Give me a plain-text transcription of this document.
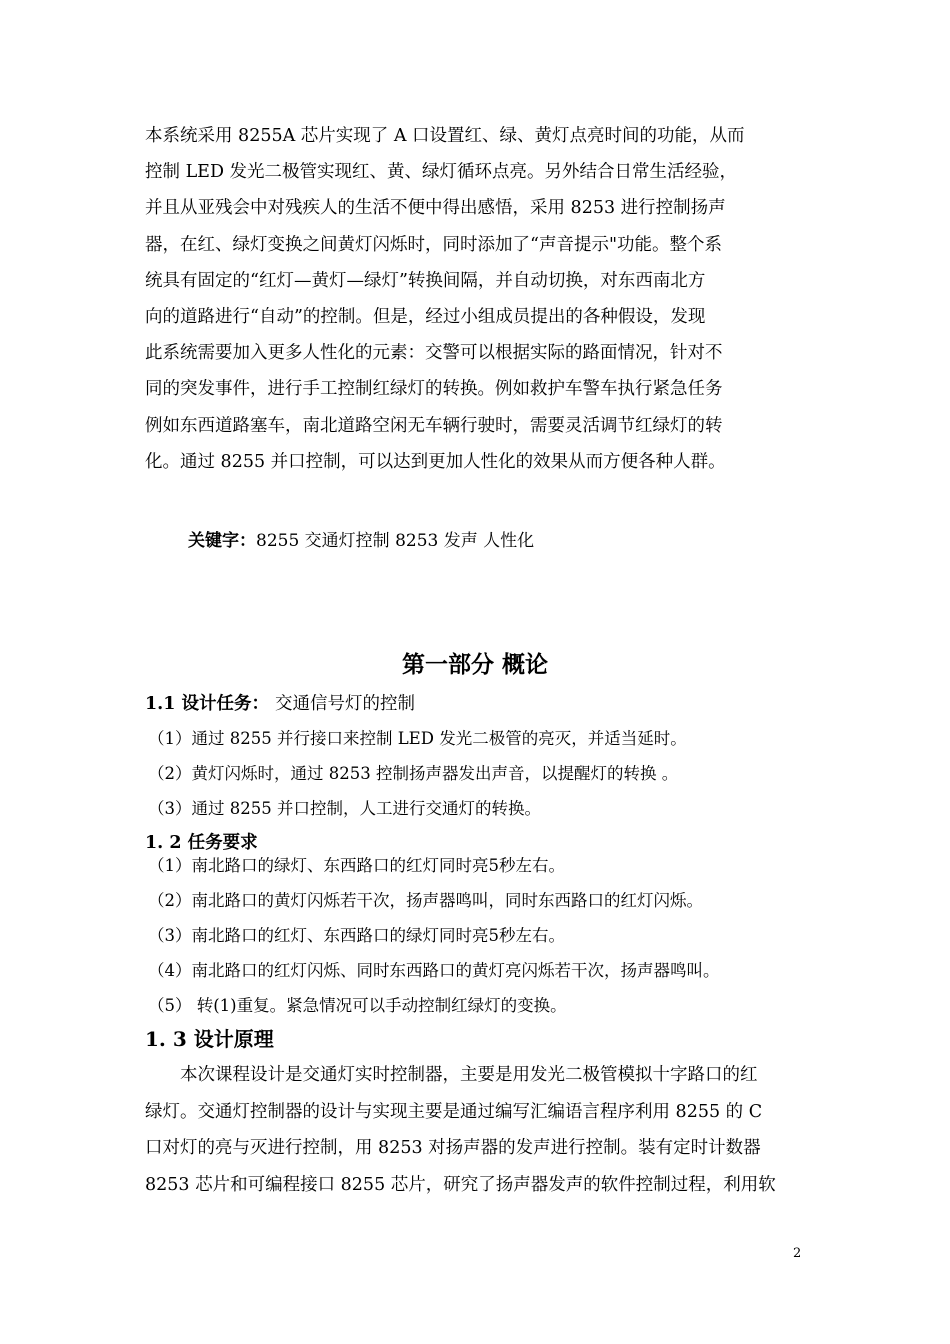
本系统采用 8255A 芯片实现了 A 口设置红、绿、黄灯点亮时间的功能，从而

控制 LED 发光二极管实现红、黄、绿灯循环点亮。另外结合日常生活经验，

并且从亚残会中对残疾人的生活不便中得出感悟，采用 8253 进行控制扬声

器，在红、绿灯变换之间黄灯闪烁时，同时添加了“声音提示"功能。整个系

统具有固定的“红灯—黄灯—绿灯”转换间隔，并自动切换，对东西南北方

向的道路进行“自动”的控制。但是，经过小组成员提出的各种假设，发现

此系统需要加入更多人性化的元素：交警可以根据实际的路面情况，针对不

同的突发事件，进行手工控制红绿灯的转换。例如救护车警车执行紧急任务

例如东西道路塞车，南北道路空闲无车辆行驶时，需要灵活调节红绿灯的转

化。通过 8255 并口控制，可以达到更加人性化的效果从而方便各种人群。

关键字：8255 交通灯控制 8253 发声 人性化
第一部分 概论
1.1 设计任务： 交通信号灯的控制
（1）通过 8255 并行接口来控制 LED 发光二极管的亮灭，并适当延时。
（2）黄灯闪烁时，通过 8253 控制扬声器发出声音，以提醒灯的转换 。
（3）通过 8255 并口控制，人工进行交通灯的转换。
1. 2 任务要求
（1）南北路口的绿灯、东西路口的红灯同时亮5秒左右。
（2）南北路口的黄灯闪烁若干次，扬声器鸣叫，同时东西路口的红灯闪烁。
（3）南北路口的红灯、东西路口的绿灯同时亮5秒左右。
（4）南北路口的红灯闪烁、同时东西路口的黄灯亮闪烁若干次，扬声器鸣叫。
（5） 转(1)重复。紧急情况可以手动控制红绿灯的变换。
1. 3 设计原理

　　本次课程设计是交通灯实时控制器，主要是用发光二极管模拟十字路口的红

绿灯。交通灯控制器的设计与实现主要是通过编写汇编语言程序利用 8255 的 C

口对灯的亮与灭进行控制，用 8253 对扬声器的发声进行控制。装有定时计数器

8253 芯片和可编程接口 8255 芯片，研究了扬声器发声的软件控制过程，利用软

2
